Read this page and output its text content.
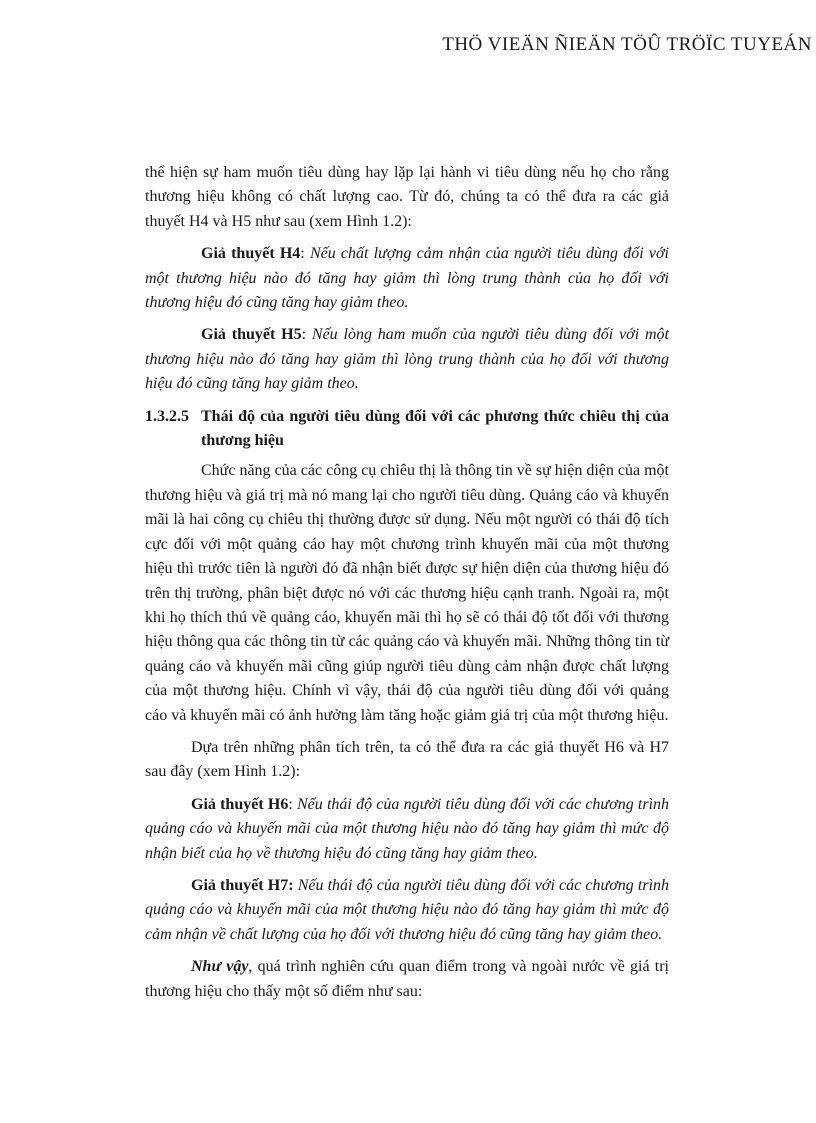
THÖ VIEÄN ÑIEÄN TÖÛ TRÖÏC TUYEÁN

thể hiện sự ham muốn tiêu dùng hay lặp lại hành vi tiêu dùng nếu họ cho rằng thương hiệu không có chất lượng cao. Từ đó, chúng ta có thể đưa ra các giả thuyết H4 và H5 như sau (xem Hình 1.2):

Giả thuyết H4: Nếu chất lượng cảm nhận của người tiêu dùng đối với một thương hiệu nào đó tăng hay giảm thì lòng trung thành của họ đối với thương hiệu đó cũng tăng hay giảm theo.

Giả thuyết H5: Nếu lòng ham muốn của người tiêu dùng đối với một thương hiệu nào đó tăng hay giảm thì lòng trung thành của họ đối với thương hiệu đó cũng tăng hay giảm theo.

1.3.2.5 Thái độ của người tiêu dùng đối với các phương thức chiêu thị của thương hiệu

Chức năng của các công cụ chiêu thị là thông tin về sự hiện diện của một thương hiệu và giá trị mà nó mang lại cho người tiêu dùng. Quảng cáo và khuyến mãi là hai công cụ chiêu thị thường được sử dụng. Nếu một người có thái độ tích cực đối với một quảng cáo hay một chương trình khuyến mãi của một thương hiệu thì trước tiên là người đó đã nhận biết được sự hiện diện của thương hiệu đó trên thị trường, phân biệt được nó với các thương hiệu cạnh tranh. Ngoài ra, một khi họ thích thú về quảng cáo, khuyến mãi thì họ sẽ có thái độ tốt đối với thương hiệu thông qua các thông tin từ các quảng cáo và khuyến mãi. Những thông tin từ quảng cáo và khuyến mãi cũng giúp người tiêu dùng cảm nhận được chất lượng của một thương hiệu. Chính vì vậy, thái độ của người tiêu dùng đối với quảng cáo và khuyến mãi có ảnh hưởng làm tăng hoặc giảm giá trị của một thương hiệu.

Dựa trên những phân tích trên, ta có thể đưa ra các giả thuyết H6 và H7 sau đây (xem Hình 1.2):

Giả thuyết H6: Nếu thái độ của người tiêu dùng đối với các chương trình quảng cáo và khuyến mãi của một thương hiệu nào đó tăng hay giảm thì mức độ nhận biết của họ về thương hiệu đó cũng tăng hay giảm theo.

Giả thuyết H7: Nếu thái độ của người tiêu dùng đối với các chương trình quảng cáo và khuyến mãi của một thương hiệu nào đó tăng hay giảm thì mức độ cảm nhận về chất lượng của họ đối với thương hiệu đó cũng tăng hay giảm theo.

Như vậy, quá trình nghiên cứu quan điểm trong và ngoài nước về giá trị thương hiệu cho thấy một số điểm như sau:
